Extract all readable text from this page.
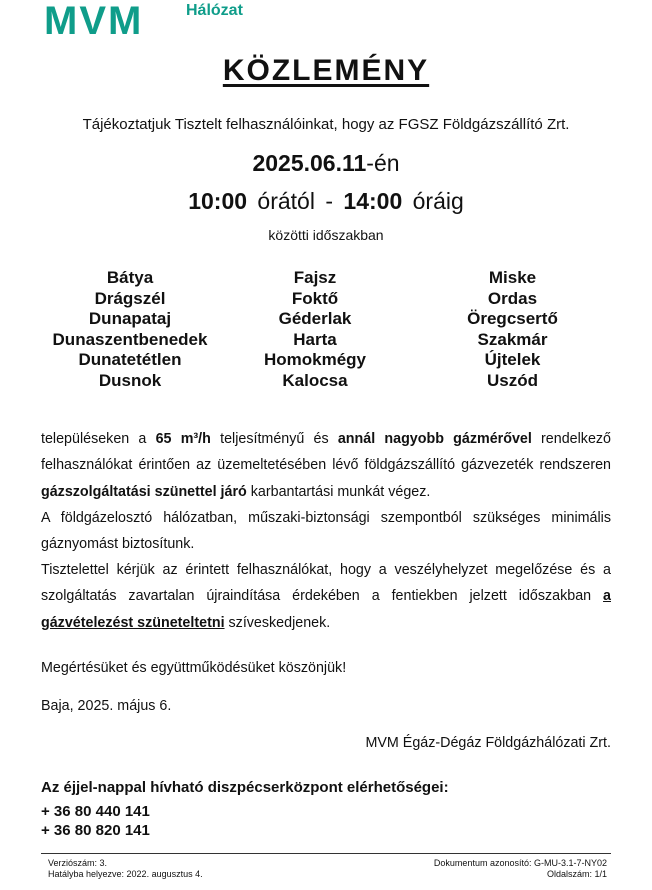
MVM	Hálózat
KÖZLEMÉNY
Tájékoztatjuk Tisztelt felhasználóinkat, hogy az FGSZ Földgázszállító Zrt.
2025.06.11-én
10:00 órától - 14:00 óráig
közötti időszakban
Bátya
Drágszél
Dunapataj
Dunaszentbenedek
Dunatetétlen
Dusnok
Fajsz
Foktő
Géderlak
Harta
Homokmégy
Kalocsa
Miske
Ordas
Öregcsertő
Szakmár
Újtelek
Uszód
településeken a 65 m³/h teljesítményű és annál nagyobb gázmérővel rendelkező felhasználókat érintően az üzemeltetésében lévő földgázszállító gázvezeték rendszeren gázszolgáltatási szünettel járó karbantartási munkát végez.
A földgázelosztó hálózatban, műszaki-biztonsági szempontból szükséges minimális gáznyomást biztosítunk.
Tisztelettel kérjük az érintett felhasználókat, hogy a veszélyhelyzet megelőzése és a szolgáltatás zavartalan újraindítása érdekében a fentiekben jelzett időszakban a gázvételezést szüneteltetni szíveskedjenek.
Megértésüket és együttműködésüket köszönjük!
Baja, 2025. május 6.
MVM Égáz-Dégáz Földgázhálózati Zrt.
Az éjjel-nappal hívható diszpécserközpont elérhetőségei:
+ 36 80 440 141
+ 36 80 820 141
Verziószám: 3.
Hatályba helyezve: 2022. augusztus 4.
Dokumentum azonosító: G-MU-3.1-7-NY02
Oldalszám: 1/1
